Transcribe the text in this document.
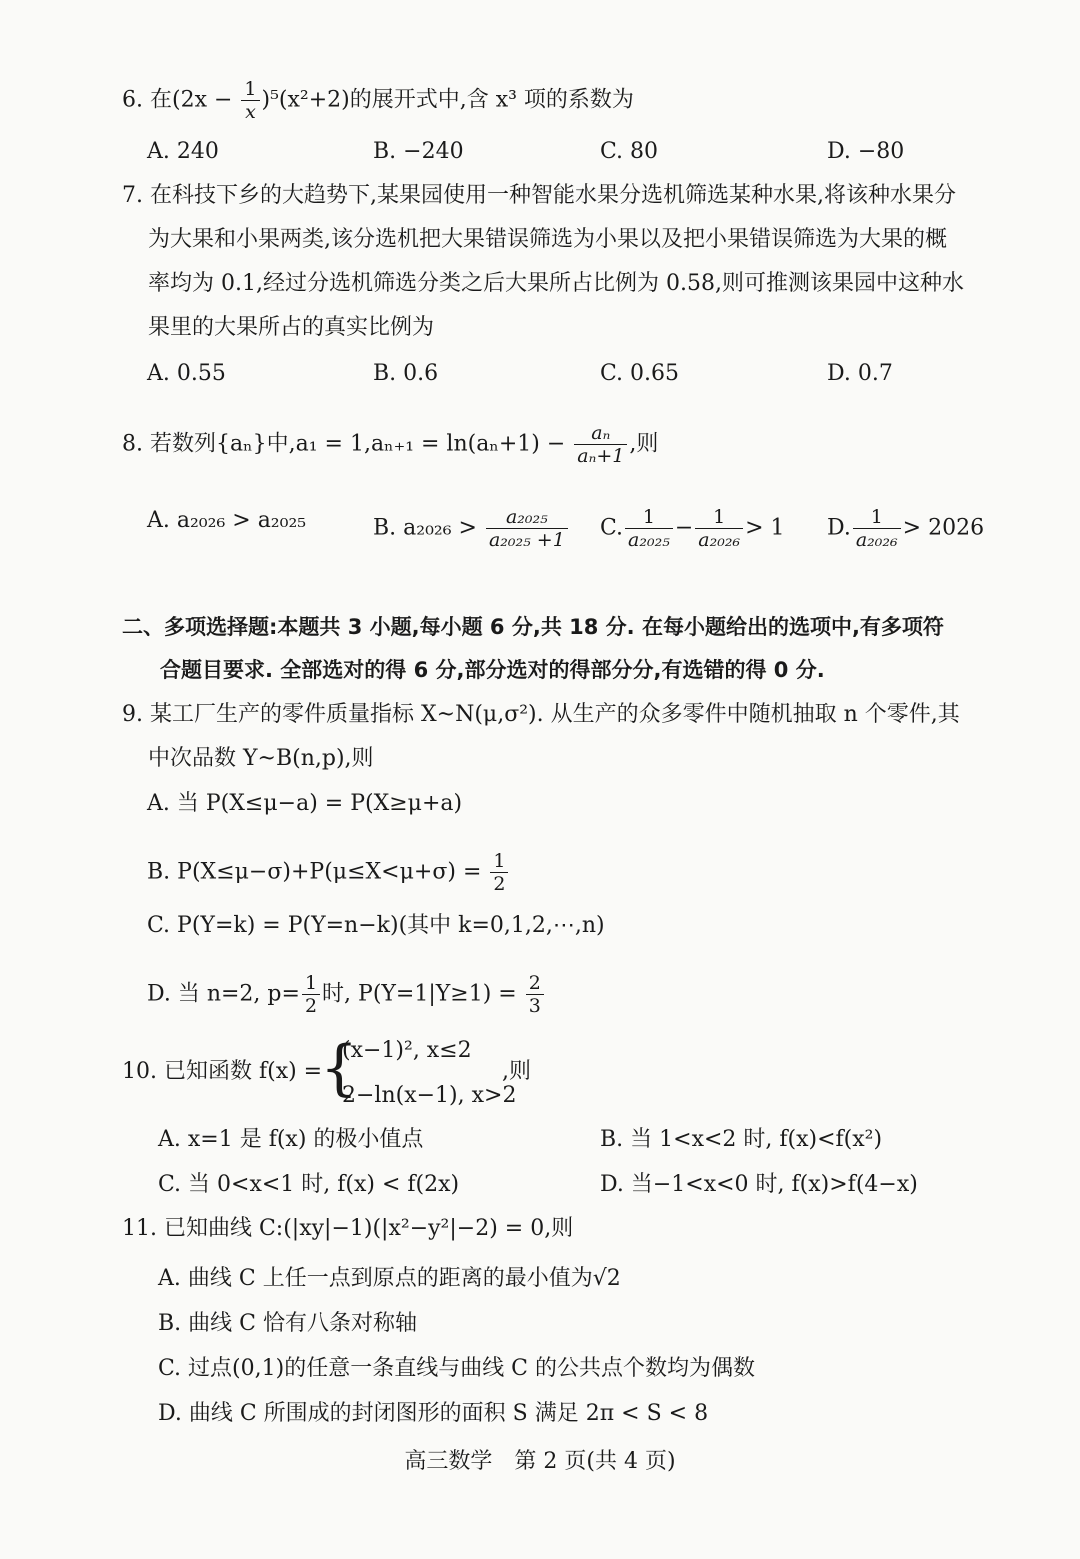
6. 在$(2x - \frac{1}{x} )^5(x^2+2)$的展开式中,含 x³ 项的系数为
A. 240	B. −240	C. 80	D. −80
7. 在科技下乡的大趋势下,某果园使用一种智能水果分选机筛选某种水果,将该种水果分
为大果和小果两类,该分选机把大果错误筛选为小果以及把小果错误筛选为大果的概
率均为 0.1,经过分选机筛选分类之后大果所占比例为 0.58,则可推测该果园中这种水
果里的大果所占的真实比例为
A. 0.55	B. 0.6	C. 0.65	D. 0.7
8. 若数列{aₙ}中$,a_1 = 1,a_{n+1} = \ln(a_n+1) - \frac{\text{aₙ}}{\text{aₙ+1}}$ ,则
A. a₂₀₂₆ > a₂₀₂₅	B. $a_{2026} > \frac{\text{a₂₀₂₅}}{\text{a₂₀₂₅ +1}} C$. $\frac{1}{\text{a₂₀₂₅}} - \frac{1}{\text{a₂₀₂₆}} > 1$ D. $\frac{1}{\text{a₂₀₂₆}} > 2026$
二、多项选择题:本题共 3 小题,每小题 6 分,共 18 分. 在每小题给出的选项中,有多项符
合题目要求. 全部选对的得 6 分,部分选对的得部分分,有选错的得 0 分.
9. 某工厂生产的零件质量指标 X~N(μ,σ²). 从生产的众多零件中随机抽取 n 个零件,其
中次品数 Y~B(n,p),则
A. 当 P(X≤μ−a) = P(X≥μ+a)
B. $P(X\le\mu-\sigma)+P(\mu\le X<\mu+\sigma) = \frac{1}{2}$
C. P(Y=k) = P(Y=n−k)(其中 k=0,1,2,⋯,n)
D. 当 n=2, $p= \frac{1}{2}$ 时, $P(Y=1|Y\ge 1) = \frac{2}{3}$
10. 已知函数 f(x) =
{
(x−1)², x≤2
2−ln(x−1), x>2
,则
A. x=1 是 f(x) 的极小值点	B. 当 1<x<2 时, f(x)<f(x²)
C. 当 0<x<1 时, f(x) < f(2x)	D. 当−1<x<0 时, f(x)>f(4−x)
11. 已知曲线 C:(|xy|−1)(|x²−y²|−2) = 0,则
A. 曲线 C 上任一点到原点的距离的最小值为√2
B. 曲线 C 恰有八条对称轴
C. 过点(0,1)的任意一条直线与曲线 C 的公共点个数均为偶数
D. 曲线 C 所围成的封闭图形的面积 S 满足 2π < S < 8
高三数学　第 2 页(共 4 页)
